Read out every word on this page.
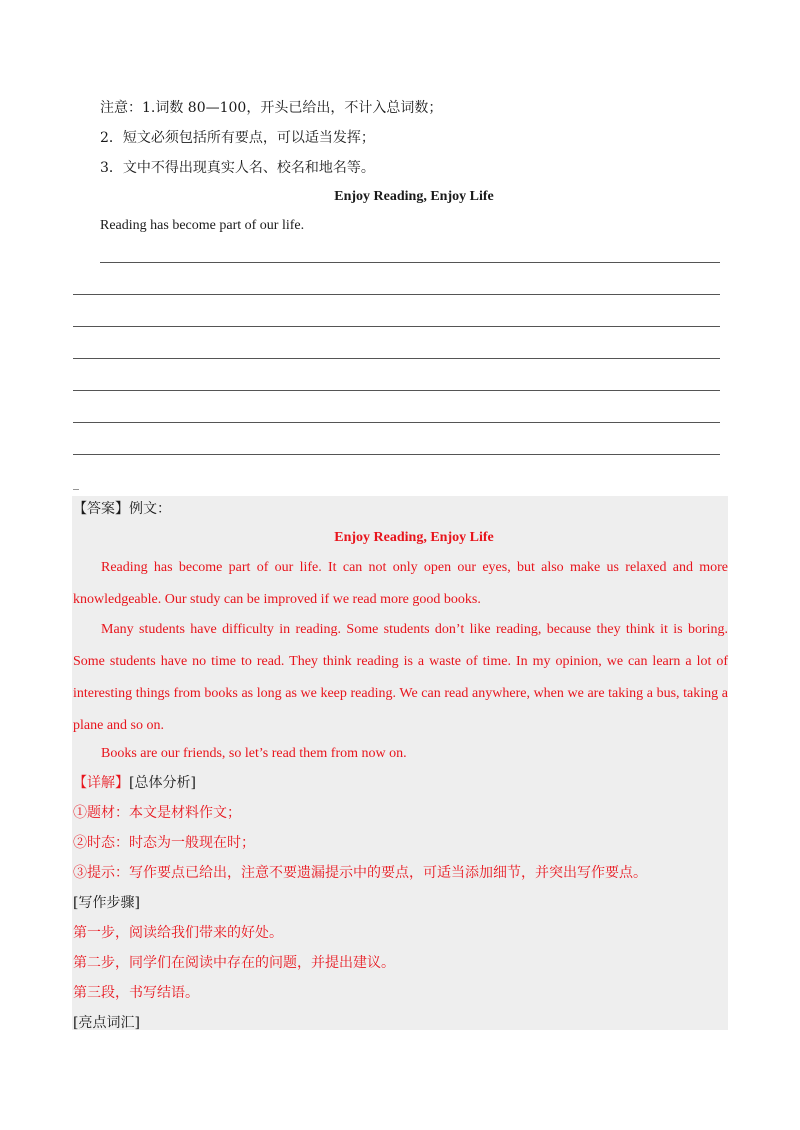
注意：1.词数 80—100，开头已给出，不计入总词数；
2．短文必须包括所有要点，可以适当发挥；
3．文中不得出现真实人名、校名和地名等。
Enjoy Reading, Enjoy Life
Reading has become part of our life.
_
【答案】例文：
Enjoy Reading, Enjoy Life
Reading has become part of our life. It can not only open our eyes, but also make us relaxed and more knowledgeable. Our study can be improved if we read more good books.
Many students have difficulty in reading. Some students don’t like reading, because they think it is boring. Some students have no time to read. They think reading is a waste of time. In my opinion, we can learn a lot of interesting things from books as long as we keep reading. We can read anywhere, when we are taking a bus, taking a plane and so on.
Books are our friends, so let’s read them from now on.
【详解】[总体分析]
①题材：本文是材料作文；
②时态：时态为一般现在时；
③提示：写作要点已给出，注意不要遗漏提示中的要点，可适当添加细节，并突出写作要点。
[写作步骤]
第一步，阅读给我们带来的好处。
第二步，同学们在阅读中存在的问题，并提出建议。
第三段，书写结语。
[亮点词汇]
